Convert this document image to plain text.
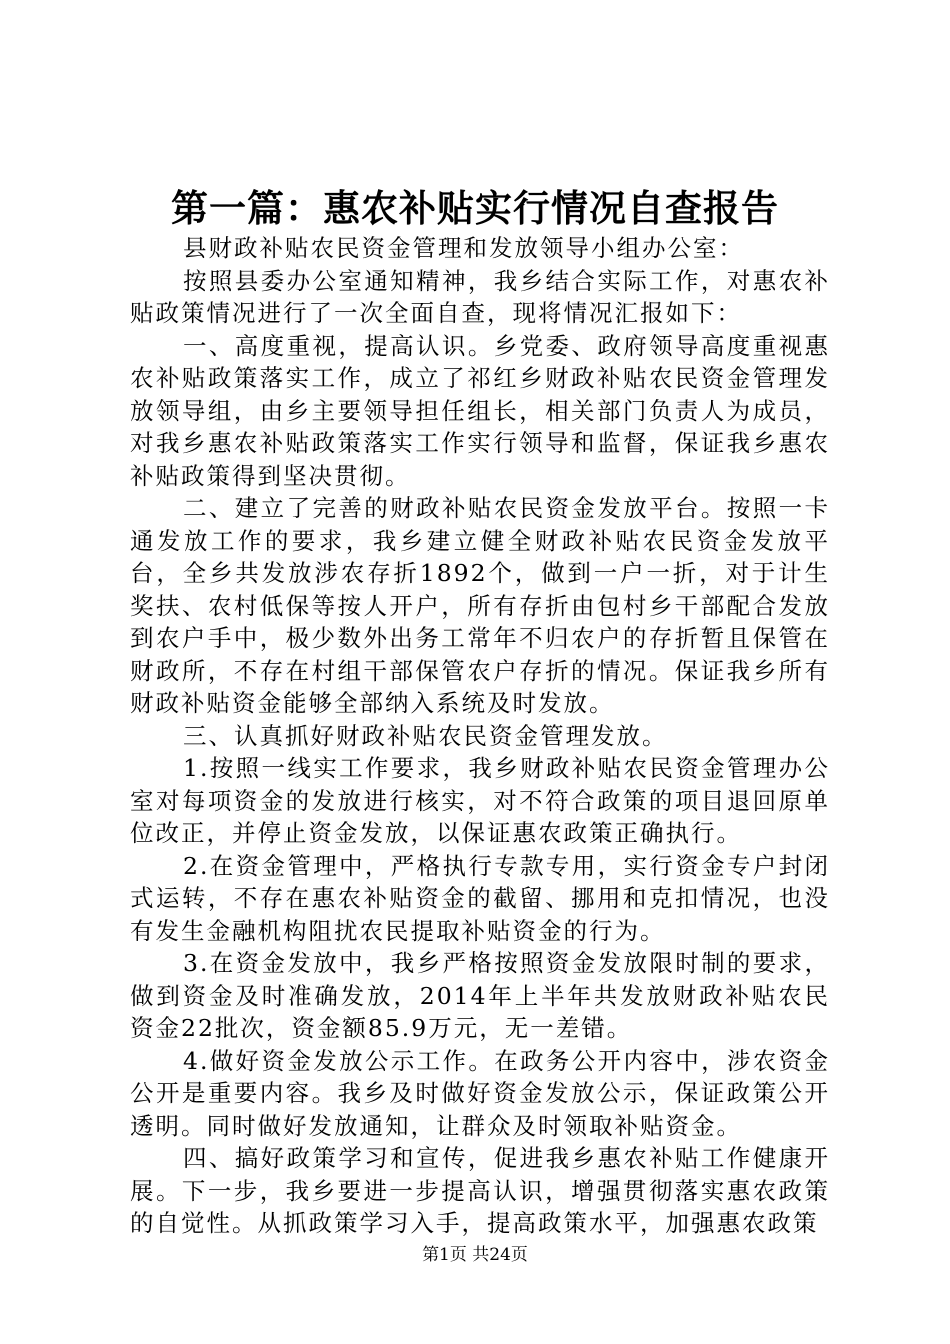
第一篇：惠农补贴实行情况自查报告

县财政补贴农民资金管理和发放领导小组办公室：

按照县委办公室通知精神，我乡结合实际工作，对惠农补贴政策情况进行了一次全面自查，现将情况汇报如下：

一、高度重视，提高认识。乡党委、政府领导高度重视惠农补贴政策落实工作，成立了祁红乡财政补贴农民资金管理发放领导组，由乡主要领导担任组长，相关部门负责人为成员，对我乡惠农补贴政策落实工作实行领导和监督，保证我乡惠农补贴政策得到坚决贯彻。

二、建立了完善的财政补贴农民资金发放平台。按照一卡通发放工作的要求，我乡建立健全财政补贴农民资金发放平台，全乡共发放涉农存折1892个，做到一户一折，对于计生奖扶、农村低保等按人开户，所有存折由包村乡干部配合发放到农户手中，极少数外出务工常年不归农户的存折暂且保管在财政所，不存在村组干部保管农户存折的情况。保证我乡所有财政补贴资金能够全部纳入系统及时发放。

三、认真抓好财政补贴农民资金管理发放。

1.按照一线实工作要求，我乡财政补贴农民资金管理办公室对每项资金的发放进行核实，对不符合政策的项目退回原单位改正，并停止资金发放，以保证惠农政策正确执行。

2.在资金管理中，严格执行专款专用，实行资金专户封闭式运转，不存在惠农补贴资金的截留、挪用和克扣情况，也没有发生金融机构阻扰农民提取补贴资金的行为。

3.在资金发放中，我乡严格按照资金发放限时制的要求，做到资金及时准确发放，2014年上半年共发放财政补贴农民资金22批次，资金额85.9万元，无一差错。

4.做好资金发放公示工作。在政务公开内容中，涉农资金公开是重要内容。我乡及时做好资金发放公示，保证政策公开透明。同时做好发放通知，让群众及时领取补贴资金。

四、搞好政策学习和宣传，促进我乡惠农补贴工作健康开展。下一步，我乡要进一步提高认识，增强贯彻落实惠农政策的自觉性。从抓政策学习入手，提高政策水平，加强惠农政策

第1页 共24页
